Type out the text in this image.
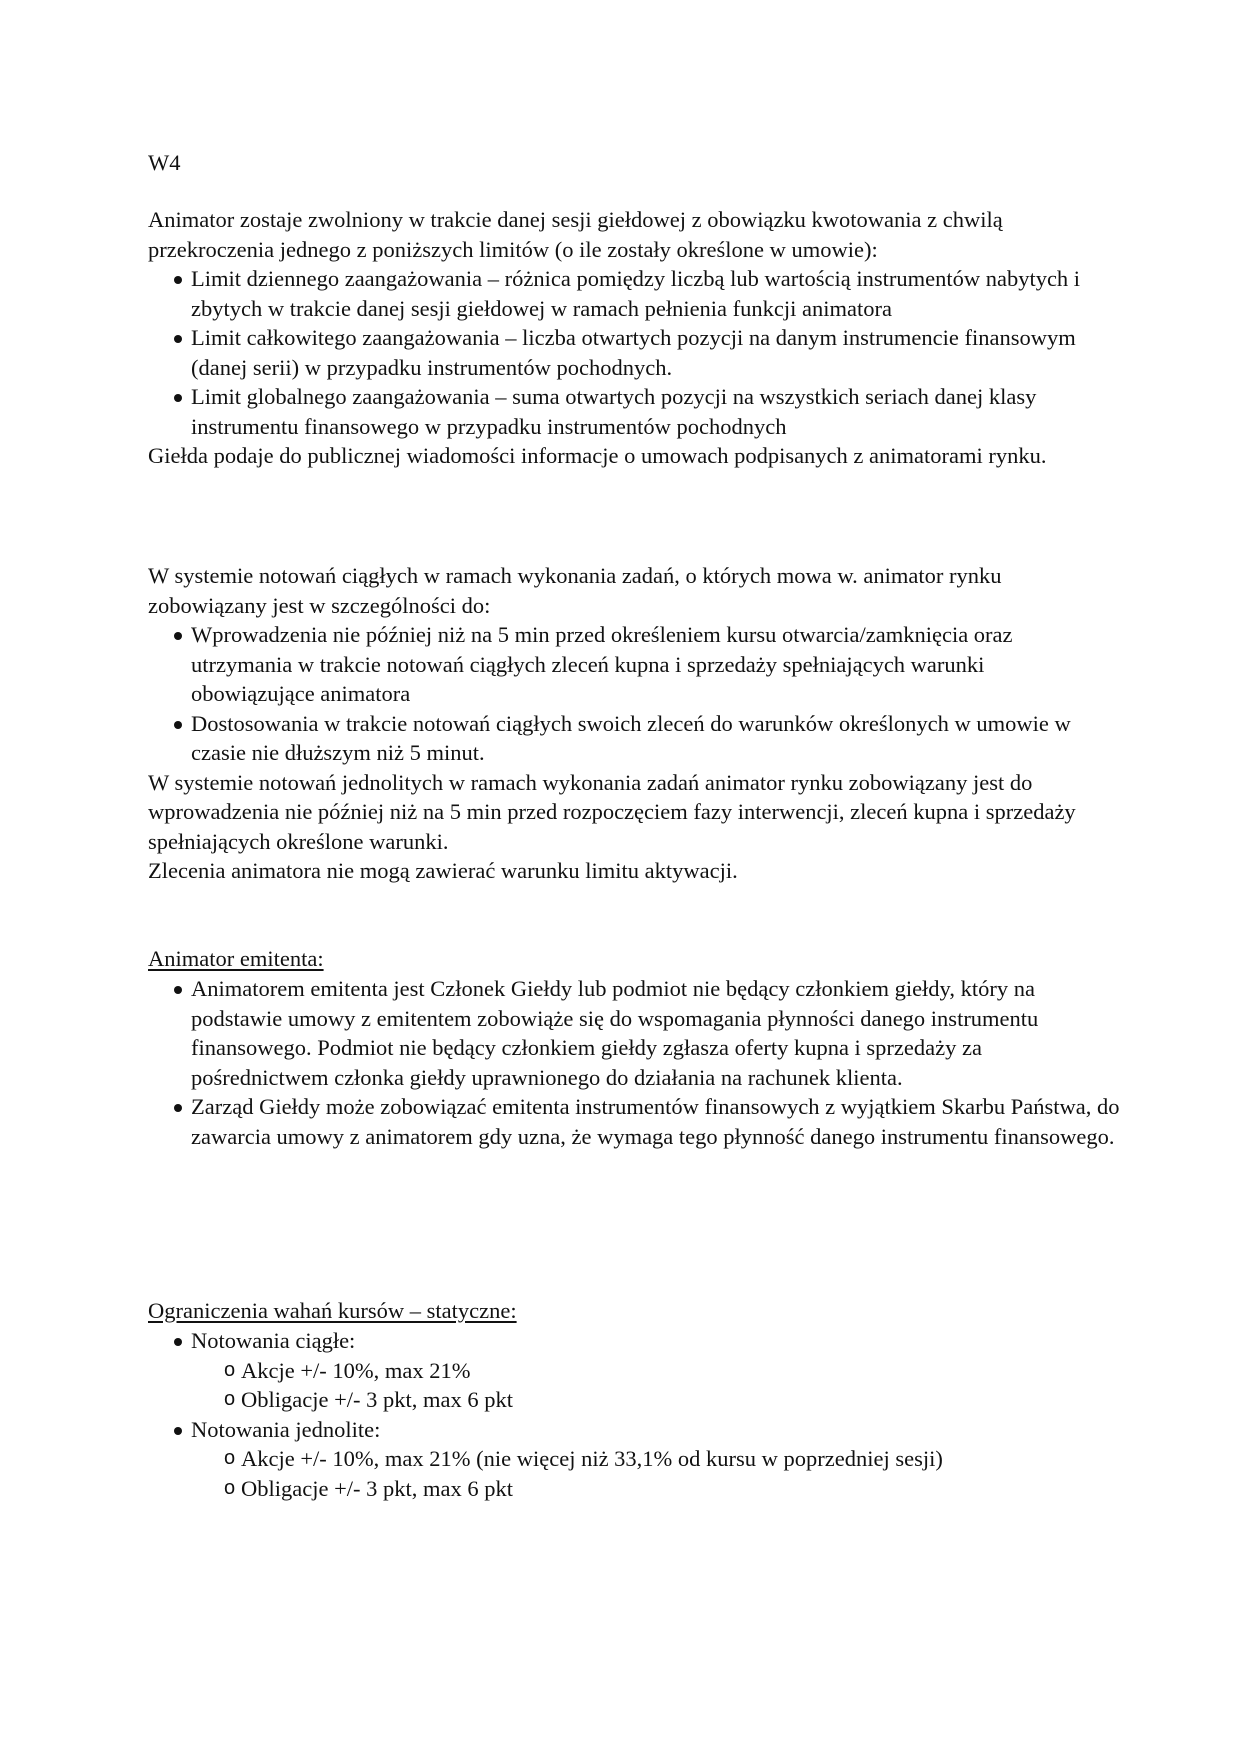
W4

Animator zostaje zwolniony w trakcie danej sesji giełdowej z obowiązku kwotowania z chwilą przekroczenia jednego z poniższych limitów (o ile zostały określone w umowie):

Limit dziennego zaangażowania – różnica pomiędzy liczbą lub wartością instrumentów nabytych i zbytych w trakcie danej sesji giełdowej w ramach pełnienia funkcji animatora
Limit całkowitego zaangażowania – liczba otwartych pozycji na danym instrumencie finansowym (danej serii) w przypadku instrumentów pochodnych.
Limit globalnego zaangażowania – suma otwartych pozycji na wszystkich seriach danej klasy instrumentu finansowego w przypadku instrumentów pochodnych

Giełda podaje do publicznej wiadomości informacje o umowach podpisanych z animatorami rynku.

W systemie notowań ciągłych w ramach wykonania zadań, o których mowa w. animator rynku zobowiązany jest w szczególności do:

Wprowadzenia nie później niż na 5 min przed określeniem kursu otwarcia/zamknięcia oraz utrzymania w trakcie notowań ciągłych zleceń kupna i sprzedaży spełniających warunki obowiązujące animatora
Dostosowania w trakcie notowań ciągłych swoich zleceń do warunków określonych w umowie w czasie nie dłuższym niż 5 minut.

W systemie notowań jednolitych w ramach wykonania zadań animator rynku zobowiązany jest do wprowadzenia nie później niż na 5 min przed rozpoczęciem fazy interwencji, zleceń kupna i sprzedaży spełniających określone warunki.

Zlecenia animatora nie mogą zawierać warunku limitu aktywacji.

Animator emitenta:
Animatorem emitenta jest Członek Giełdy lub podmiot nie będący członkiem giełdy, który na podstawie umowy z emitentem zobowiąże się do wspomagania płynności danego instrumentu finansowego. Podmiot nie będący członkiem giełdy zgłasza oferty kupna i sprzedaży za pośrednictwem członka giełdy uprawnionego do działania na rachunek klienta.
Zarząd Giełdy może zobowiązać emitenta instrumentów finansowych z wyjątkiem Skarbu Państwa, do zawarcia umowy z animatorem gdy uzna, że wymaga tego płynność danego instrumentu finansowego.
Ograniczenia wahań kursów – statyczne:
Notowania ciągłe:
o Akcje +/- 10%, max 21%
o Obligacje +/- 3 pkt, max 6 pkt
Notowania jednolite:
o Akcje +/- 10%, max 21% (nie więcej niż 33,1% od kursu w poprzedniej sesji)
o Obligacje +/- 3 pkt, max 6 pkt
